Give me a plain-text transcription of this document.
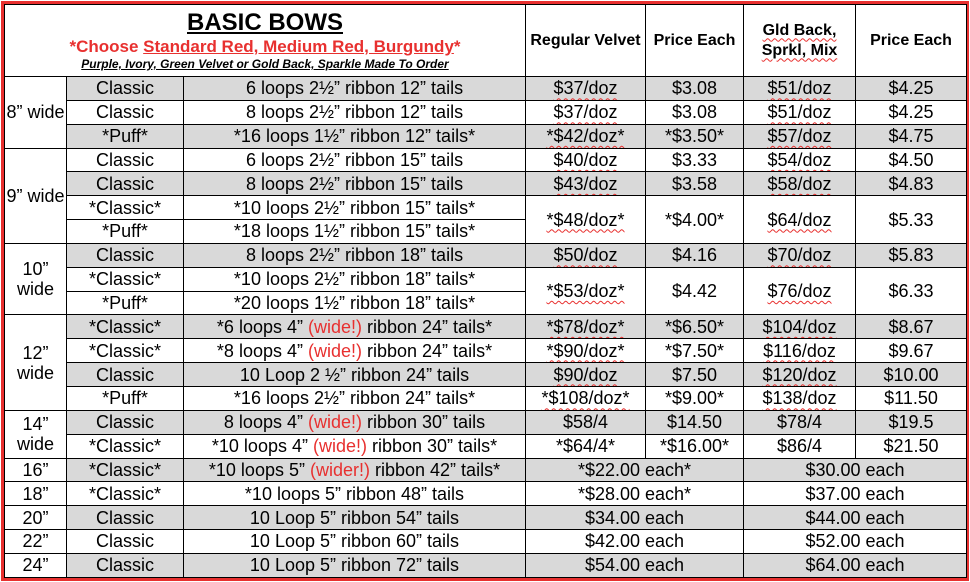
BASIC BOWS
*Choose Standard Red, Medium Red, Burgundy*
Purple, Ivory, Green Velvet or Gold Back, Sparkle Made To Order			Regular Velvet	Price Each	Gld Back, Sprkl, Mix	Price Each
8” wide	Classic	6 loops 2½” ribbon 12” tails	$37/doz	$3.08	$51/doz	$4.25
	Classic	8 loops 2½” ribbon 12” tails	$37/doz	$3.08	$51/doz	$4.25
	*Puff*	*16 loops 1½” ribbon 12” tails*	*$42/doz*	*$3.50*	$57/doz	$4.75
9” wide	Classic	6 loops 2½” ribbon 15” tails	$40/doz	$3.33	$54/doz	$4.50
	Classic	8 loops 2½” ribbon 15” tails	$43/doz	$3.58	$58/doz	$4.83
	*Classic*	*10 loops 2½” ribbon 15” tails*	*$48/doz*	*$4.00*	$64/doz	$5.33
	*Puff*	*18 loops 1½” ribbon 15” tails*				
10” wide	Classic	8 loops 2½” ribbon 18” tails	$50/doz	$4.16	$70/doz	$5.83
	*Classic*	*10 loops 2½” ribbon 18” tails*	*$53/doz*	$4.42	$76/doz	$6.33
	*Puff*	*20 loops 1½” ribbon 18” tails*				
12” wide	*Classic*	*6 loops 4” (wide!) ribbon 24” tails*	*$78/doz*	*$6.50*	$104/doz	$8.67
	*Classic*	*8 loops 4” (wide!) ribbon 24” tails*	*$90/doz*	*$7.50*	$116/doz	$9.67
	Classic	10 Loop 2 ½” ribbon 24” tails	$90/doz	$7.50	$120/doz	$10.00
	*Puff*	*16 loops 2½” ribbon 24” tails*	*$108/doz*	*$9.00*	$138/doz	$11.50
14” wide	Classic	8 loops 4” (wide!) ribbon 30” tails	$58/4	$14.50	$78/4	$19.5
	*Classic*	*10 loops 4” (wide!) ribbon 30” tails*	*$64/4*	*$16.00*	$86/4	$21.50
16”	*Classic*	*10 loops 5” (wider!) ribbon 42” tails*	*$22.00 each*		$30.00 each	
18”	*Classic*	*10 loops 5” ribbon 48” tails	*$28.00 each*		$37.00 each	
20”	Classic	10 Loop 5” ribbon 54” tails	$34.00 each		$44.00 each	
22”	Classic	10 Loop 5” ribbon 60” tails	$42.00 each		$52.00 each	
24”	Classic	10 Loop 5” ribbon 72” tails	$54.00 each		$64.00 each	
